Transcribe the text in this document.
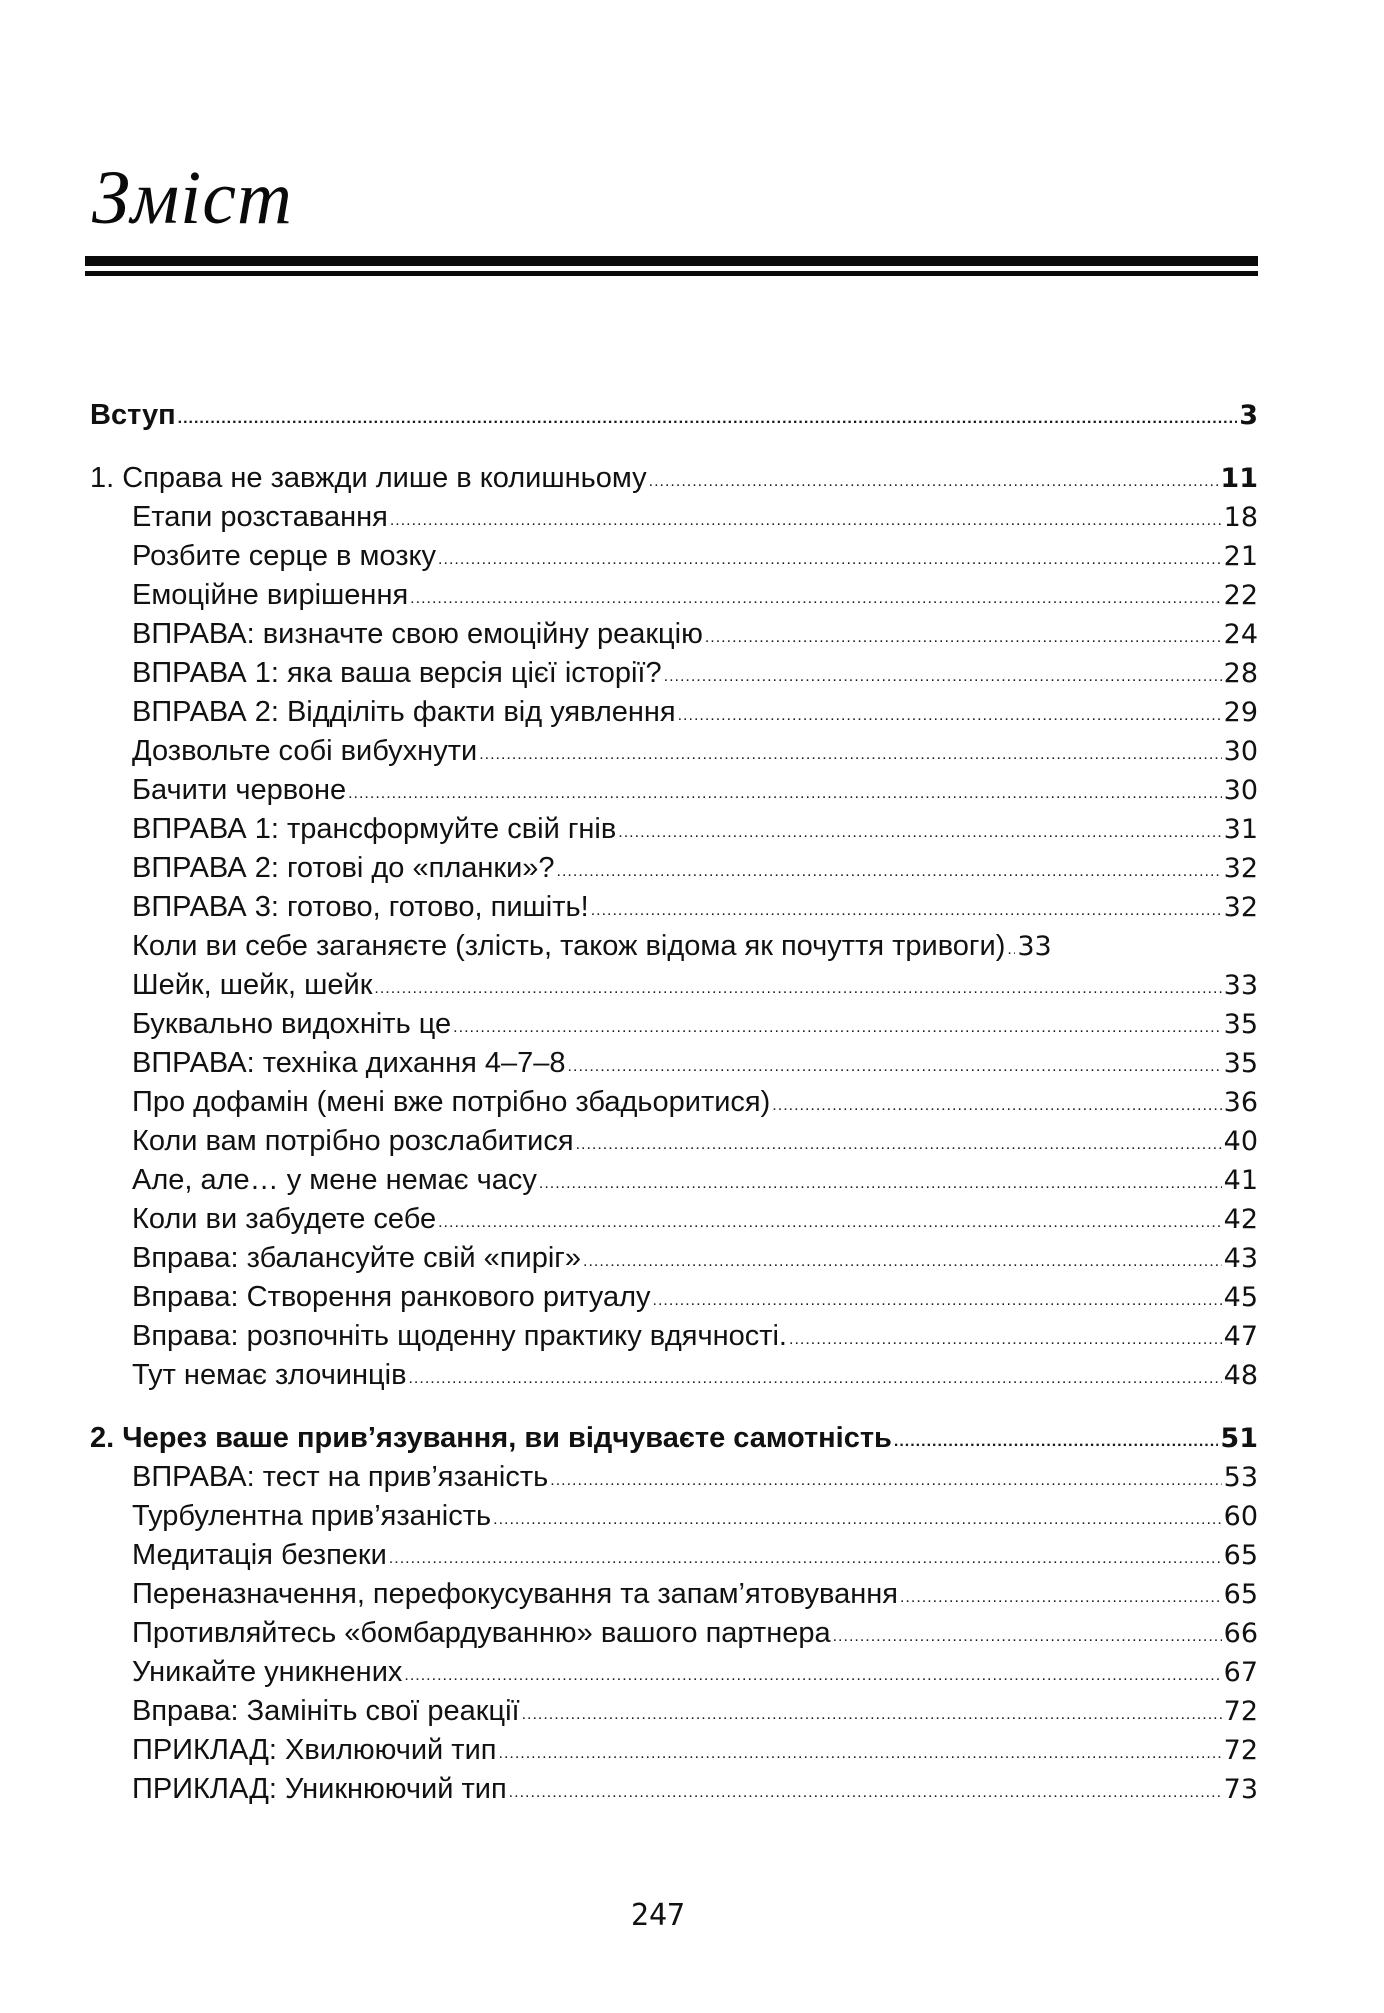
Зміст
Вступ .....	3
1. Справа не завжди лише в колишньому .....	11
Етапи розставання .....	18
Розбите серце в мозку .....	21
Емоційне вирішення .....	22
ВПРАВА: визначте свою емоційну реакцію .....	24
ВПРАВА 1: яка ваша версія цієї історії? .....	28
ВПРАВА 2: Відділіть факти від уявлення .....	29
Дозвольте собі вибухнути .....	30
Бачити червоне .....	30
ВПРАВА 1: трансформуйте свій гнів .....	31
ВПРАВА 2: готові до «планки»? .....	32
ВПРАВА 3: готово, готово, пишіть! .....	32
Коли ви себе заганяєте (злість, також відома як почуття тривоги) ..... 33
Шейк, шейк, шейк .....	33
Буквально видохніть це .....	35
ВПРАВА: техніка дихання 4–7–8 .....	35
Про дофамін (мені вже потрібно збадьоритися) .....	36
Коли вам потрібно розслабитися .....	40
Але, але… у мене немає часу .....	41
Коли ви забудете себе .....	42
Вправа: збалансуйте свій «пиріг» .....	43
Вправа: Створення ранкового ритуалу .....	45
Вправа: розпочніть щоденну практику вдячності. .....	47
Тут немає злочинців .....	48
2. Через ваше прив’язування, ви відчуваєте самотність .....	51
ВПРАВА: тест на прив’язаність .....	53
Турбулентна прив’язаність .....	60
Медитація безпеки .....	65
Переназначення, перефокусування та запам’ятовування .....	65
Противляйтесь «бомбардуванню» вашого партнера .....	66
Уникайте уникнених .....	67
Вправа: Замініть свої реакції .....	72
ПРИКЛАД: Хвилюючий тип .....	72
ПРИКЛАД: Уникнюючий тип .....	73
247
